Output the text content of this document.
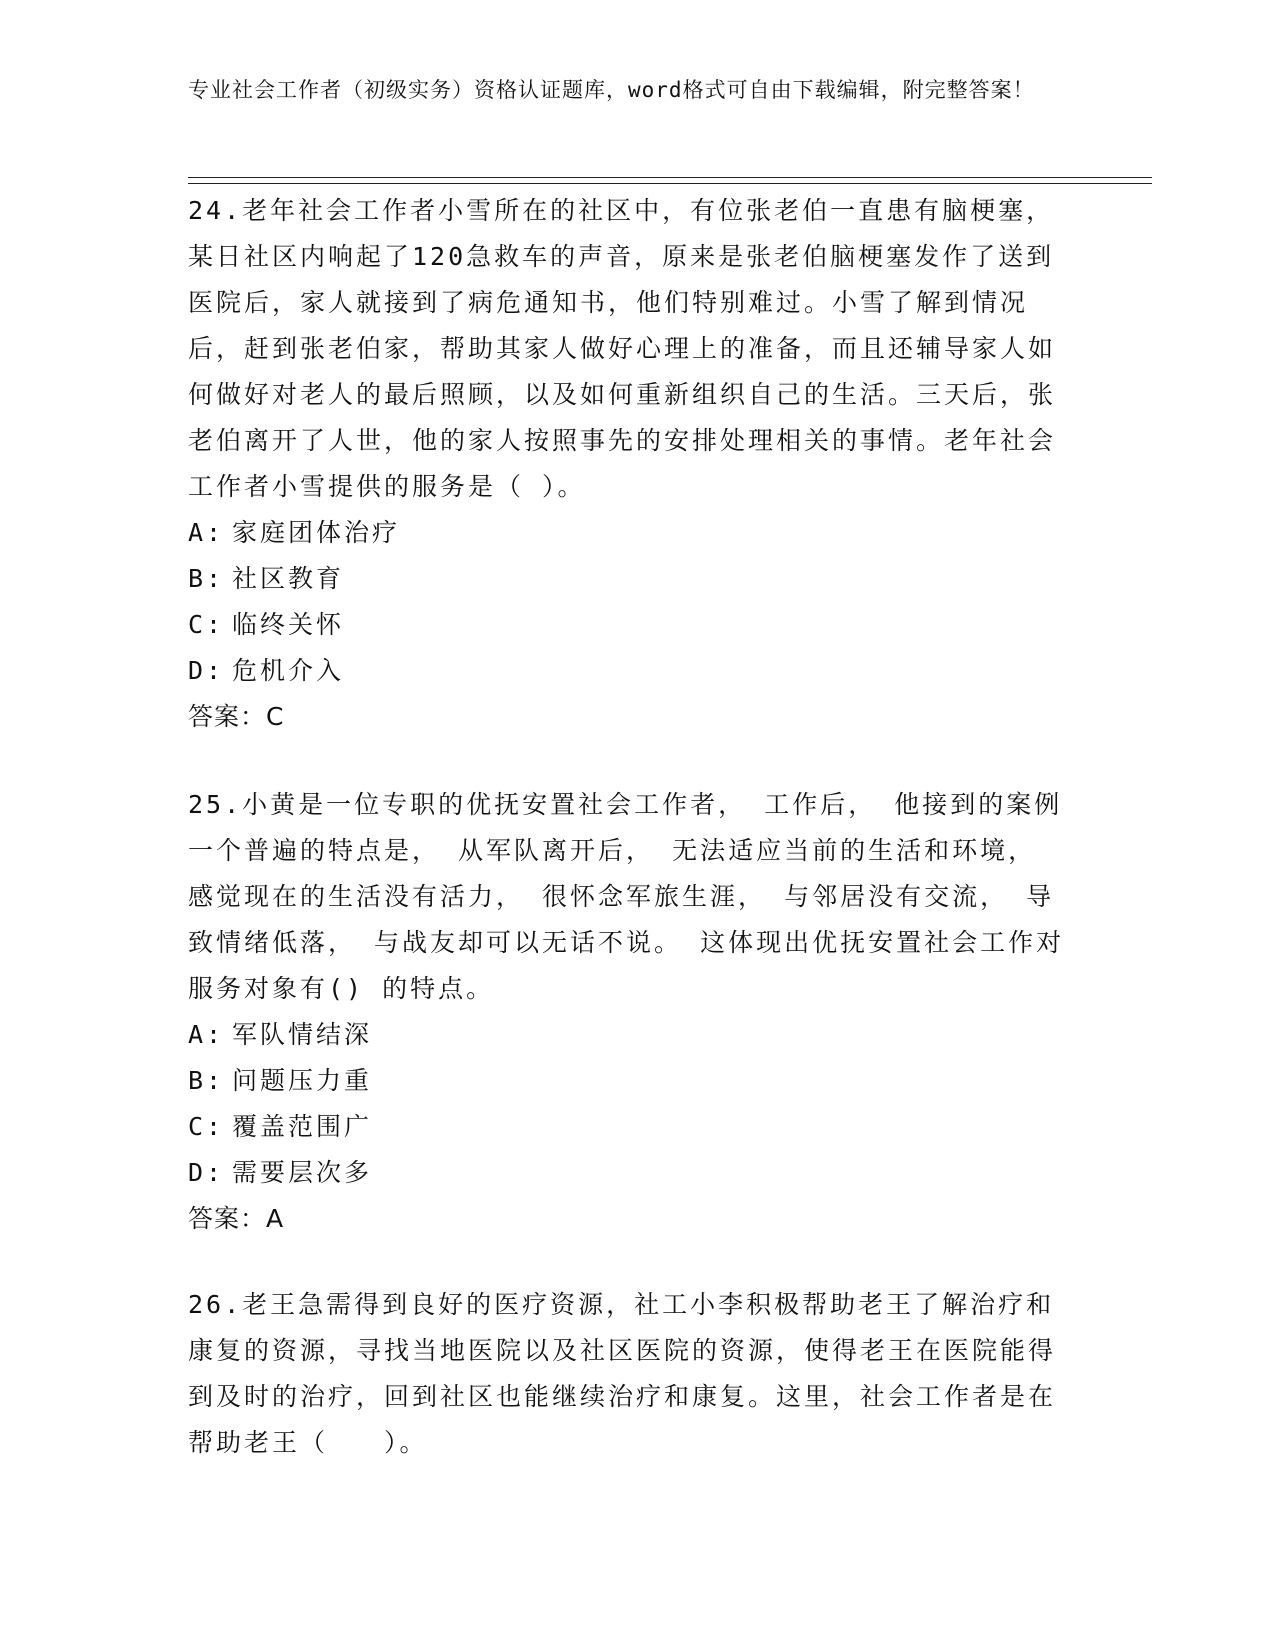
专业社会工作者（初级实务）资格认证题库，word格式可自由下载编辑，附完整答案！

24.老年社会工作者小雪所在的社区中，有位张老伯一直患有脑梗塞，某日社区内响起了120急救车的声音，原来是张老伯脑梗塞发作了送到医院后，家人就接到了病危通知书，他们特别难过。小雪了解到情况后，赶到张老伯家，帮助其家人做好心理上的准备，而且还辅导家人如何做好对老人的最后照顾，以及如何重新组织自己的生活。三天后，张老伯离开了人世，他的家人按照事先的安排处理相关的事情。老年社会工作者小雪提供的服务是（ ）。

A: 家庭团体治疗

B: 社区教育

C: 临终关怀

D: 危机介入

答案：C

25.小黄是一位专职的优抚安置社会工作者， 工作后， 他接到的案例一个普遍的特点是， 从军队离开后， 无法适应当前的生活和环境， 感觉现在的生活没有活力， 很怀念军旅生涯， 与邻居没有交流， 导致情绪低落， 与战友却可以无话不说。 这体现出优抚安置社会工作对服务对象有() 的特点。

A: 军队情结深

B: 问题压力重

C: 覆盖范围广

D: 需要层次多

答案：A

26.老王急需得到良好的医疗资源，社工小李积极帮助老王了解治疗和康复的资源，寻找当地医院以及社区医院的资源，使得老王在医院能得到及时的治疗，回到社区也能继续治疗和康复。这里，社会工作者是在帮助老王（　　）。
